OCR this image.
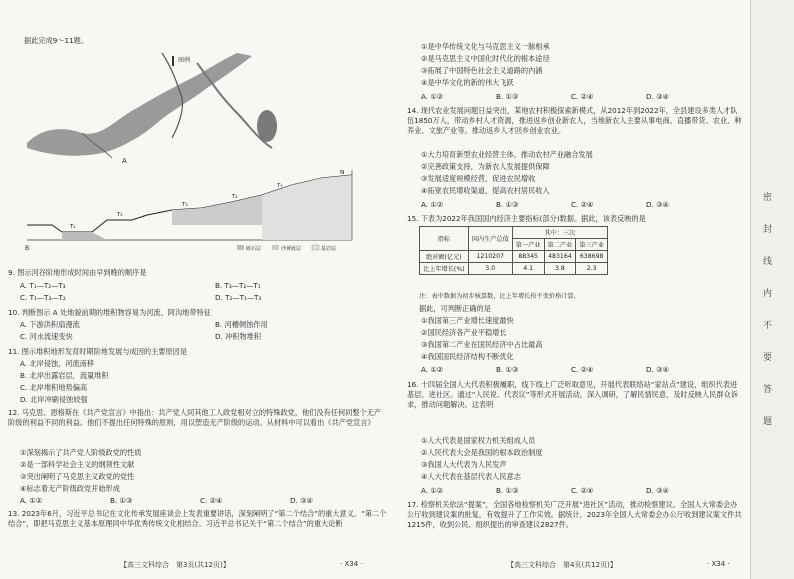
据此完成9～11题。
图例
A
B
N
T₁
T₂
T₃
T₄
T₅
砾石层	沙黄砾层	基岩层
9. 图示河谷阶地形成时间由早到晚的顺序是
A. T₁—T₂—T₃	B. T₃—T₂—T₁
C. T₁—T₃—T₂	D. T₂—T₁—T₃
10. 判断图示 A 处地貌前期的堆积物容易为河流、阿沟地带特征
A. 下游洪积扇漫流	B. 河槽侧蚀作用
C. 河水流速变快	D. 冲积物堆积
11. 图示堆积地形发育时期阶地发展与成因的主要原因是
A. 北岸侵蚀，河流南移
B. 北岸出露岩层，流量堆积
C. 北岸堆积地势偏高
D. 北岸冲刷侵蚀较强
12. 马克思、恩格斯在《共产党宣言》中指出：共产党人同其他工人政党相对立的特殊政党，他们没有任何同整个无产阶级的利益不同的利益。他们不提出任何特殊的原则，用以塑造无产阶级的运动。从材料中可以看出《共产党宣言》
①深刻揭示了共产党人阶级政党的性质
②是一部科学社会主义的纲领性文献
③突出阐明了马克思主义政党的党性
④标志着无产阶级政党开始形成
A. ①②	B. ①③	C. ②④	D. ③④
13. 2023年6月，习近平总书记在文化传承发展座谈会上发表重要讲话，深刻阐明了“第二个结合”的重大意义。“第二个结合”，即把马克思主义基本原理同中华优秀传统文化相结合。习近平总书记关于“第二个结合”的重大论断
【高三文科综合　第3页(共12页)】	· X34 ·
①是中华传统文化与马克思主义一脉相承
②是马克思主义中国化时代化的根本途径
③拓展了中国特色社会主义道路的内涵
④是中华文化的新的伟大飞跃
A. ①②	B. ①③	C. ②④	D. ③④
14. 现代农业发展问题日益突出，某地农村积极探索新模式，从2012年到2022年，全县建设多类人才队伍1850万人，带动乡村人才资源，推进返乡创业新农人，当地新农人主要从事电商、直播带货、农业、种养业、文旅产业等。推动返乡人才回乡创业农业。
①大力培育新型农业经营主体，推动农村产业融合发展
②完善政策支持，为新农人发展提供保障
③发展适度规模经营，促进农民增收
④拓宽农民增收渠道，提高农村居民收入
A. ①②	B. ①③	C. ②④	D. ③④
15. 下表为2022年我国国内经济主要指标(部分)数据。据此，该表反映的是
指标	国内生产总值	其中：三次		
		第一产业	第二产业	第三产业
绝对额(亿元)	1210207	88345	483164	638698
比上年增长(%)	3.0	4.1	3.8	2.3
注：表中数据为初步核算数，比上年增长按不变价格计算。
据此，可判断正确的是
①我国第三产业增长速度最快
②国民经济各产业平稳增长
③我国第二产业在国民经济中占比最高
④我国国民经济结构不断优化
A. ①②	B. ①③	C. ②④	D. ③④
16. 十四届全国人大代表积极履职，线下线上广泛听取意见，开展代表联络站“家站点”建设，组织代表进基层、进社区。通过“人民说、代表议”等形式开展活动，深入调研，了解民情民意，及时反映人民群众诉求，推动问题解决。这表明
①人大代表是国家权力机关组成人员
②人民代表大会是我国的根本政治制度
③我国人大代表为人民发声
④人大代表在基层代表人民意志
A. ①②	B. ①③	C. ②④	D. ③④
17. 检察机关依法“提案”，全国各地检察机关广泛开展“进社区”活动，推动检察建议。全国人大常委会办公厅收到建议案的批复，有效提升了工作实效。据统计，2023年全国人大常委会办公厅收到建议案文件共1215件，收到公民、组织提出的审查建议2827件。
【高三文科综合　第4页(共12页)】	· X34 ·
密
封
线
内
不
要
答
题
